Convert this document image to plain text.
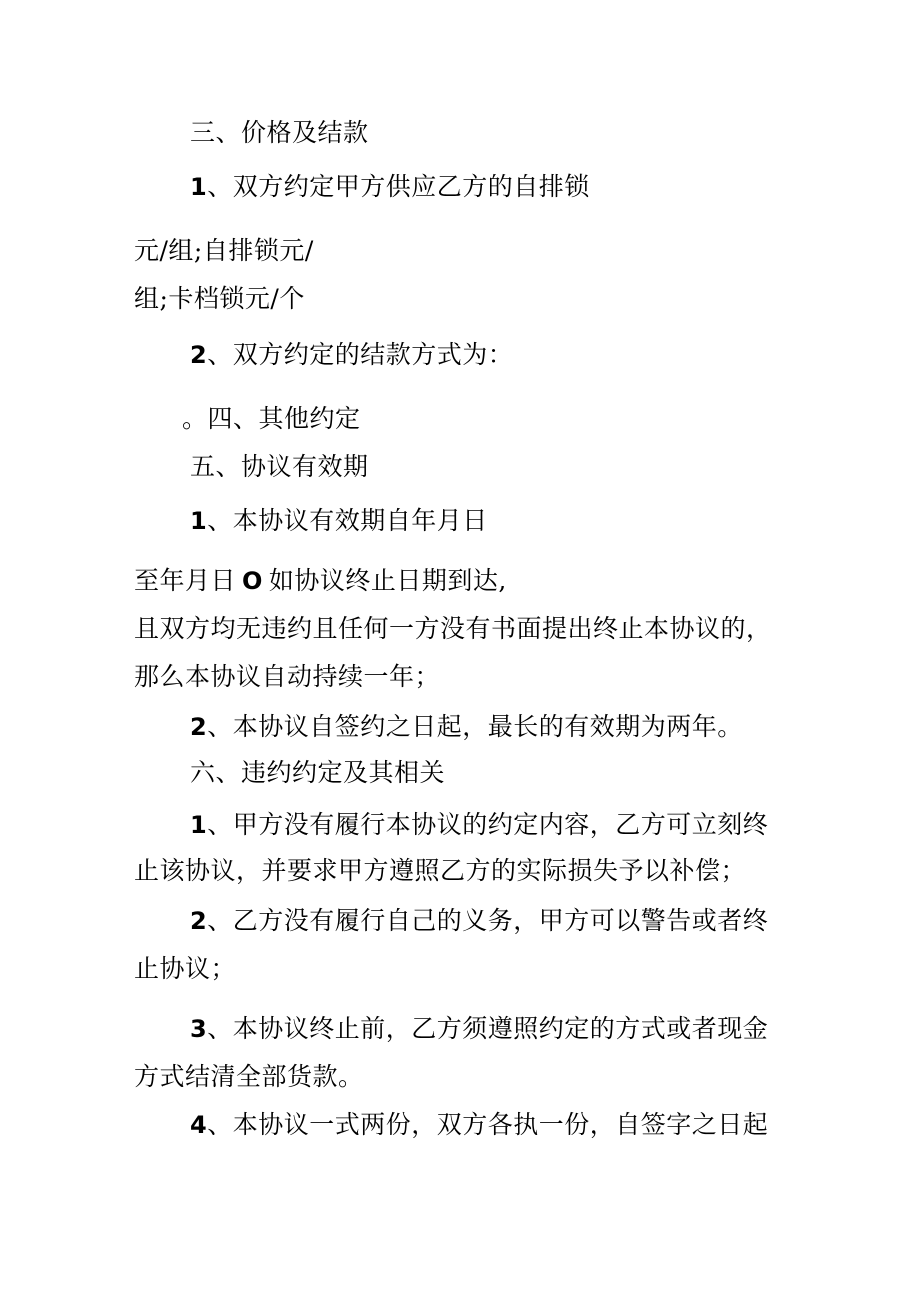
三、价格及结款
1、双方约定甲方供应乙方的自排锁
元/组;自排锁元/
组;卡档锁元/个
2、双方约定的结款方式为：
。四、其他约定
五、协议有效期
1、本协议有效期自年月日
至年月日 O 如协议终止日期到达,
且双方均无违约且任何一方没有书面提出终止本协议的，
那么本协议自动持续一年；
2、本协议自签约之日起，最长的有效期为两年。
六、违约约定及其相关
1、甲方没有履行本协议的约定内容，乙方可立刻终
止该协议，并要求甲方遵照乙方的实际损失予以补偿；
2、乙方没有履行自己的义务，甲方可以警告或者终
止协议；
3、本协议终止前，乙方须遵照约定的方式或者现金
方式结清全部货款。
4、本协议一式两份，双方各执一份，自签字之日起
